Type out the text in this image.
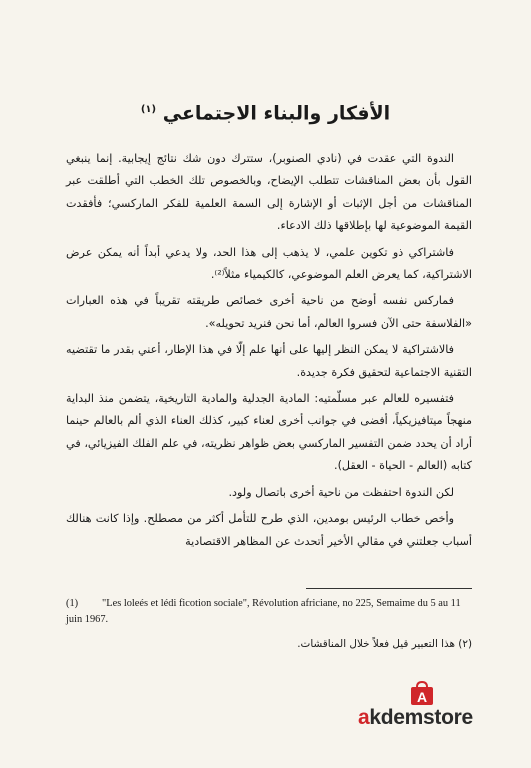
الأفكار والبناء الاجتماعي $^{(١)}$

الندوة التي عقدت في (نادي الصنوبر)، ستترك دون شك نتائج إيجابية. إنما ينبغي القول بأن بعض المناقشات تتطلب الإيضاح، وبالخصوص تلك الخطب التي أطلقت عبر المناقشات من أجل الإثبات أو الإشارة إلى السمة العلمية للفكر الماركسي؛ فأفقدت القيمة الموضوعية لها بإطلاقها ذلك الادعاء.

فاشتراكي ذو تكوين علمي، لا يذهب إلى هذا الحد، ولا يدعي أبداً أنه يمكن عرض الاشتراكية، كما يعرض العلم الموضوعي، كالكيمياء مثلاً⁽²⁾.

فماركس نفسه أوضح من ناحية أخرى خصائص طريقته تقريباً في هذه العبارات «الفلاسفة حتى الآن فسروا العالم، أما نحن فنريد تحويله».

فالاشتراكية لا يمكن النظر إليها على أنها علم إلّا في هذا الإطار، أعني بقدر ما تقتضيه التقنية الاجتماعية لتحقيق فكرة جديدة.

فتفسيره للعالم عبر مسلّمتيه: المادية الجدلية والمادية التاريخية، يتضمن منذ البداية منهجاً ميتافيزيكياً، أفضى في جوانب أخرى لعناء كبير، كذلك العناء الذي ألم بالعالم حينما أراد أن يحدد ضمن التفسير الماركسي بعض ظواهر نظريته، في علم الفلك الفيزيائي، في كتابه (العالم - الحياة - العقل).

لكن الندوة احتفظت من ناحية أخرى باتصال ولود.

وأخص خطاب الرئيس بومدين، الذي طرح للتأمل أكثر من مصطلح. وإذا كانت هنالك أسباب جعلتني في مقالي الأخير أتحدث عن المظاهر الاقتصادية

(1) "Les loleés et lédi ficotion sociale", Révolution africiane, no 225, Semaime du 5 au 11 juin 1967.
(٢) هذا التعبير قيل فعلاً خلال المناقشات.
A
akdemstore
